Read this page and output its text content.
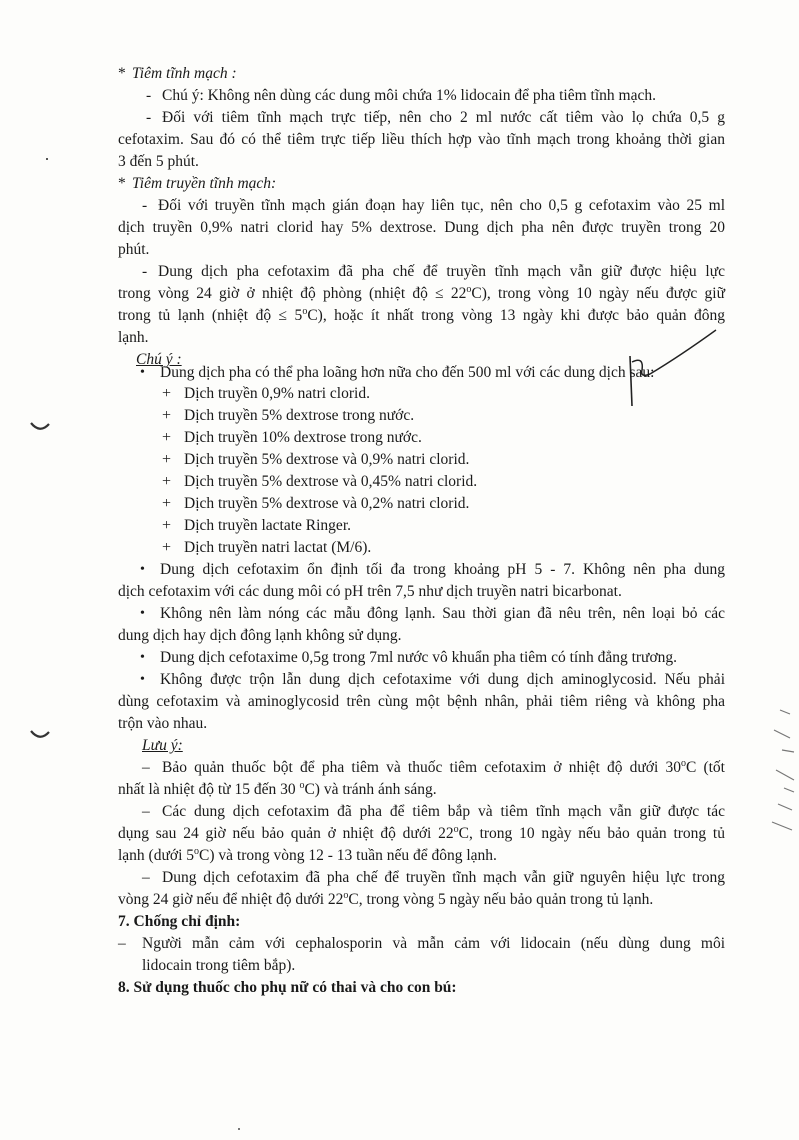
* Tiêm tĩnh mạch :
- Chú ý: Không nên dùng các dung môi chứa 1% lidocain để pha tiêm tĩnh mạch.
- Đối với tiêm tĩnh mạch trực tiếp, nên cho 2 ml nước cất tiêm vào lọ chứa 0,5 g
cefotaxim. Sau đó có thể tiêm trực tiếp liều thích hợp vào tĩnh mạch trong khoảng thời gian
3 đến 5 phút.
* Tiêm truyền tĩnh mạch:
- Đối với truyền tĩnh mạch gián đoạn hay liên tục, nên cho 0,5 g cefotaxim vào 25 ml
dịch truyền 0,9% natri clorid hay 5% dextrose. Dung dịch pha nên được truyền trong 20
phút.
- Dung dịch pha cefotaxim đã pha chế để truyền tĩnh mạch vẫn giữ được hiệu lực
trong vòng 24 giờ ở nhiệt độ phòng (nhiệt độ ≤ $22^oC$), trong vòng 10 ngày nếu được giữ
trong tủ lạnh (nhiệt độ ≤ $5^oC$), hoặc ít nhất trong vòng 13 ngày khi được bảo quản đông
lạnh.
Chú ý :
• Dung dịch pha có thể pha loãng hơn nữa cho đến 500 ml với các dung dịch sau:
+ Dịch truyền 0,9% natri clorid.
+ Dịch truyền 5% dextrose trong nước.
+ Dịch truyền 10% dextrose trong nước.
+ Dịch truyền 5% dextrose và 0,9% natri clorid.
+ Dịch truyền 5% dextrose và 0,45% natri clorid.
+ Dịch truyền 5% dextrose và 0,2% natri clorid.
+ Dịch truyền lactate Ringer.
+ Dịch truyền natri lactat (M/6).
• Dung dịch cefotaxim ổn định tối đa trong khoảng pH 5 - 7. Không nên pha dung
dịch cefotaxim với các dung môi có pH trên 7,5 như dịch truyền natri bicarbonat.
• Không nên làm nóng các mẫu đông lạnh. Sau thời gian đã nêu trên, nên loại bỏ các
dung dịch hay dịch đông lạnh không sử dụng.
• Dung dịch cefotaxime 0,5g trong 7ml nước vô khuẩn pha tiêm có tính đẳng trương.
• Không được trộn lẫn dung dịch cefotaxime với dung dịch aminoglycosid. Nếu phải
dùng cefotaxim và aminoglycosid trên cùng một bệnh nhân, phải tiêm riêng và không pha
trộn vào nhau.
Lưu ý:
– Bảo quản thuốc bột để pha tiêm và thuốc tiêm cefotaxim ở nhiệt độ dưới 30$^o$C (tốt
nhất là nhiệt độ từ 15 đến 30 $^o$C) và tránh ánh sáng.
– Các dung dịch cefotaxim đã pha để tiêm bắp và tiêm tĩnh mạch vẫn giữ được tác
dụng sau 24 giờ nếu bảo quản ở nhiệt độ dưới 22$^o$C, trong 10 ngày nếu bảo quản trong tủ
lạnh (dưới 5$^o$C) và trong vòng 12 - 13 tuần nếu để đông lạnh.
– Dung dịch cefotaxim đã pha chế để truyền tĩnh mạch vẫn giữ nguyên hiệu lực trong
vòng 24 giờ nếu để nhiệt độ dưới 22$^o$C, trong vòng 5 ngày nếu bảo quản trong tủ lạnh.
7. Chống chỉ định:
– Người mẫn cảm với cephalosporin và mẫn cảm với lidocain (nếu dùng dung môi
lidocain trong tiêm bắp).
8. Sử dụng thuốc cho phụ nữ có thai và cho con bú:
